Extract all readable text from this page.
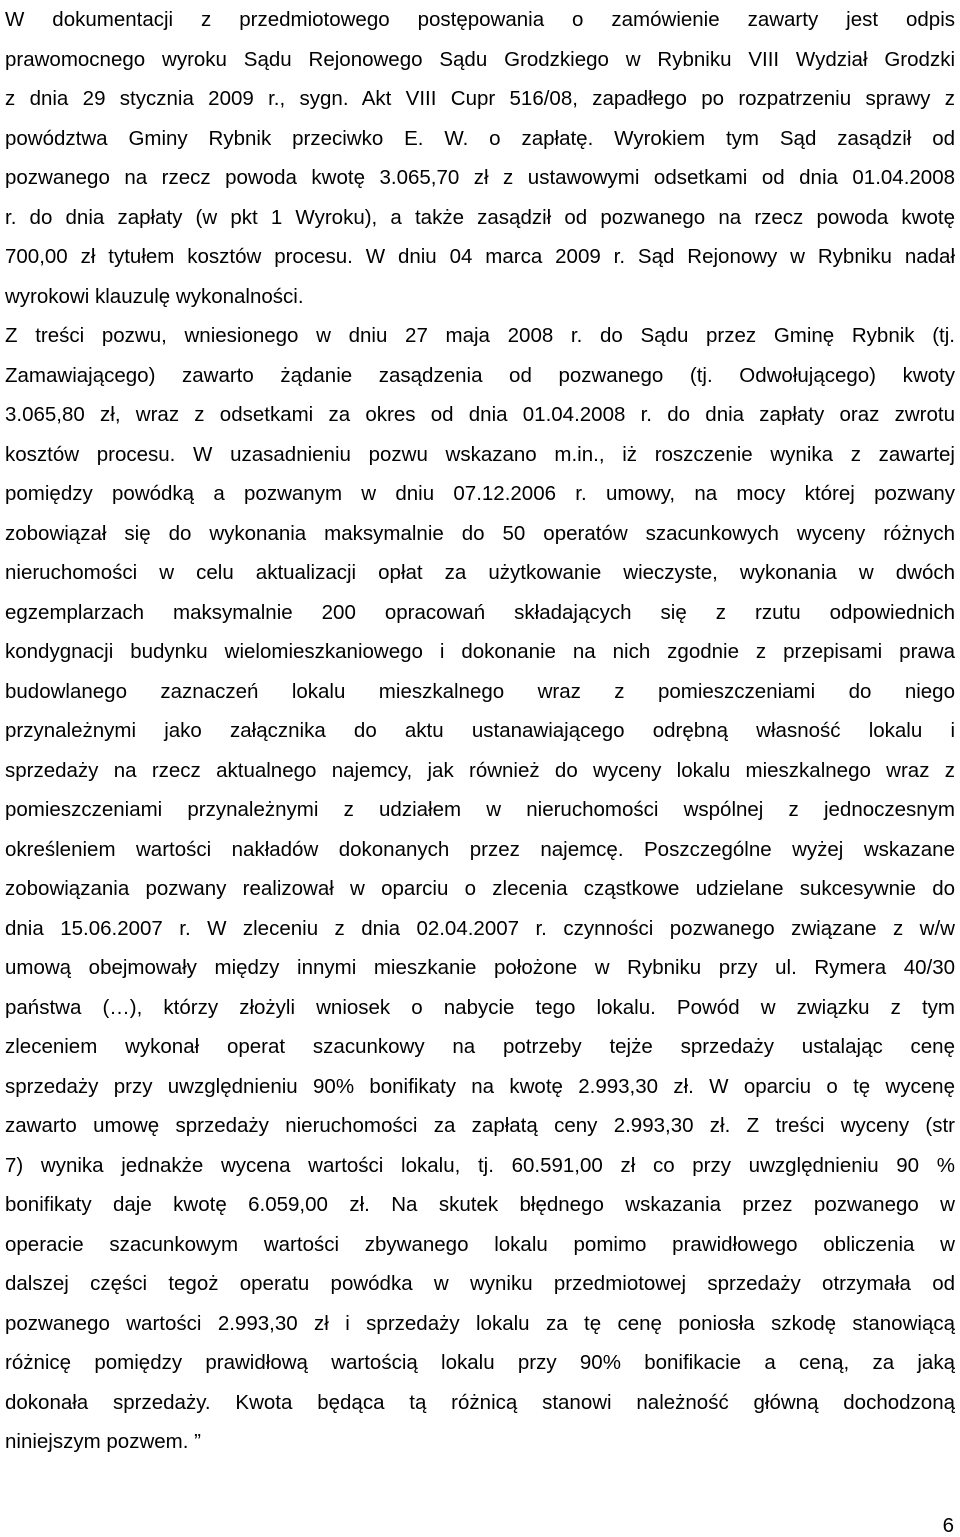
W dokumentacji z przedmiotowego postępowania o zamówienie zawarty jest odpis
prawomocnego wyroku Sądu Rejonowego Sądu Grodzkiego w Rybniku VIII Wydział Grodzki
z dnia 29 stycznia 2009 r., sygn. Akt VIII Cupr 516/08, zapadłego po rozpatrzeniu sprawy z
powództwa Gminy Rybnik przeciwko E. W. o zapłatę. Wyrokiem tym Sąd zasądził od
pozwanego na rzecz powoda kwotę 3.065,70 zł z ustawowymi odsetkami od dnia 01.04.2008
r. do dnia zapłaty (w pkt 1 Wyroku), a także zasądził od pozwanego na rzecz powoda kwotę
700,00 zł tytułem kosztów procesu. W dniu 04 marca 2009 r. Sąd Rejonowy w Rybniku nadał
wyrokowi klauzulę wykonalności.
Z treści pozwu, wniesionego w dniu 27 maja 2008 r. do Sądu przez Gminę Rybnik (tj.
Zamawiającego) zawarto żądanie zasądzenia od pozwanego (tj. Odwołującego) kwoty
3.065,80 zł, wraz z odsetkami za okres od dnia 01.04.2008 r. do dnia zapłaty oraz zwrotu
kosztów procesu. W uzasadnieniu pozwu wskazano m.in., iż roszczenie wynika z zawartej
pomiędzy powódką a pozwanym w dniu 07.12.2006 r. umowy, na mocy której pozwany
zobowiązał się do wykonania maksymalnie do 50 operatów szacunkowych wyceny różnych
nieruchomości w celu aktualizacji opłat za użytkowanie wieczyste, wykonania w dwóch
egzemplarzach maksymalnie 200 opracowań składających się z rzutu odpowiednich
kondygnacji budynku wielomieszkaniowego i dokonanie na nich zgodnie z przepisami prawa
budowlanego zaznaczeń lokalu mieszkalnego wraz z pomieszczeniami do niego
przynależnymi jako załącznika do aktu ustanawiającego odrębną własność lokalu i
sprzedaży na rzecz aktualnego najemcy, jak również do wyceny lokalu mieszkalnego wraz z
pomieszczeniami przynależnymi z udziałem w nieruchomości wspólnej z jednoczesnym
określeniem wartości nakładów dokonanych przez najemcę. Poszczególne wyżej wskazane
zobowiązania pozwany realizował w oparciu o zlecenia cząstkowe udzielane sukcesywnie do
dnia 15.06.2007 r. W zleceniu z dnia 02.04.2007 r. czynności pozwanego związane z w/w
umową obejmowały między innymi mieszkanie położone w Rybniku przy ul. Rymera 40/30
państwa (…), którzy złożyli wniosek o nabycie tego lokalu. Powód w związku z tym
zleceniem wykonał operat szacunkowy na potrzeby tejże sprzedaży ustalając cenę
sprzedaży przy uwzględnieniu 90% bonifikaty na kwotę 2.993,30 zł. W oparciu o tę wycenę
zawarto umowę sprzedaży nieruchomości za zapłatą ceny 2.993,30 zł. Z treści wyceny (str
7) wynika jednakże wycena wartości lokalu, tj. 60.591,00 zł co przy uwzględnieniu 90 %
bonifikaty daje kwotę 6.059,00 zł. Na skutek błędnego wskazania przez pozwanego w
operacie szacunkowym wartości zbywanego lokalu pomimo prawidłowego obliczenia w
dalszej części tegoż operatu powódka w wyniku przedmiotowej sprzedaży otrzymała od
pozwanego wartości 2.993,30 zł i sprzedaży lokalu za tę cenę poniosła szkodę stanowiącą
różnicę pomiędzy prawidłową wartością lokalu przy 90% bonifikacie a ceną, za jaką
dokonała sprzedaży. Kwota będąca tą różnicą stanowi należność główną dochodzoną
niniejszym pozwem. ”
6
